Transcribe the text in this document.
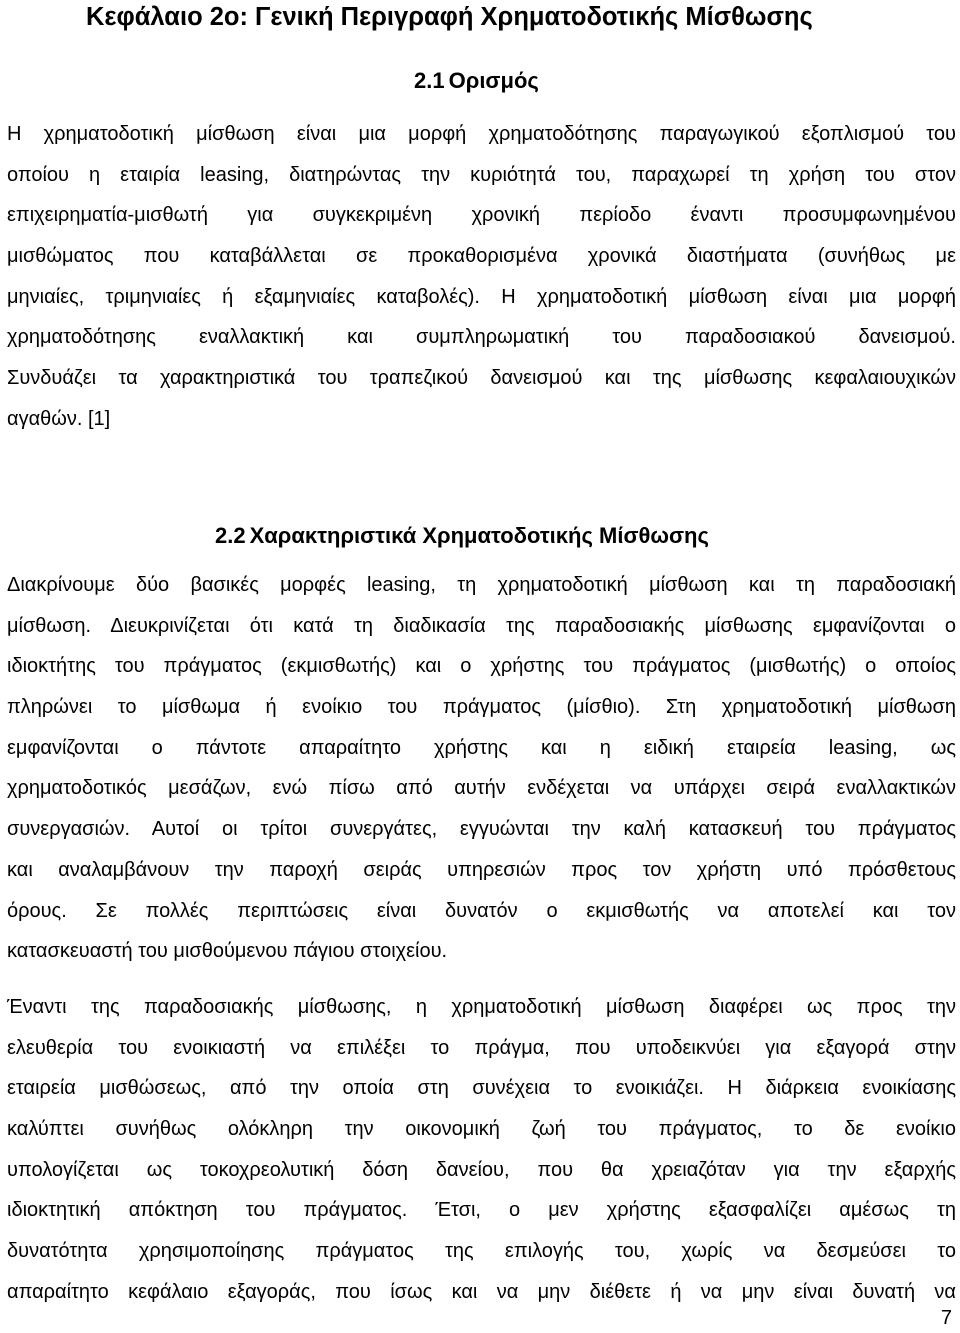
Κεφάλαιο 2ο: Γενική Περιγραφή Χρηματοδοτικής Μίσθωσης
2.1 Ορισμός
Η χρηματοδοτική μίσθωση είναι μια μορφή χρηματοδότησης παραγωγικού εξοπλισμού του
οποίου η εταιρία leasing, διατηρώντας την κυριότητά του, παραχωρεί τη χρήση του στον
επιχειρηματία-μισθωτή για συγκεκριμένη χρονική περίοδο έναντι προσυμφωνημένου
μισθώματος που καταβάλλεται σε προκαθορισμένα χρονικά διαστήματα (συνήθως με
μηνιαίες, τριμηνιαίες ή εξαμηνιαίες καταβολές). Η χρηματοδοτική μίσθωση είναι μια μορφή
χρηματοδότησης εναλλακτική και συμπληρωματική του παραδοσιακού δανεισμού.
Συνδυάζει τα χαρακτηριστικά του τραπεζικού δανεισμού και της μίσθωσης κεφαλαιουχικών
αγαθών. [1]
2.2 Χαρακτηριστικά Χρηματοδοτικής Μίσθωσης
Διακρίνουμε δύο βασικές μορφές leasing, τη χρηματοδοτική μίσθωση και τη παραδοσιακή
μίσθωση. Διευκρινίζεται ότι κατά τη διαδικασία της παραδοσιακής μίσθωσης εμφανίζονται ο
ιδιοκτήτης του πράγματος (εκμισθωτής) και ο χρήστης του πράγματος (μισθωτής) ο οποίος
πληρώνει το μίσθωμα ή ενοίκιο του πράγματος (μίσθιο). Στη χρηματοδοτική μίσθωση
εμφανίζονται ο πάντοτε απαραίτητο χρήστης και η ειδική εταιρεία leasing, ως
χρηματοδοτικός μεσάζων, ενώ πίσω από αυτήν ενδέχεται να υπάρχει σειρά εναλλακτικών
συνεργασιών. Αυτοί οι τρίτοι συνεργάτες, εγγυώνται την καλή κατασκευή του πράγματος
και αναλαμβάνουν την παροχή σειράς υπηρεσιών προς τον χρήστη υπό πρόσθετους
όρους. Σε πολλές περιπτώσεις είναι δυνατόν ο εκμισθωτής να αποτελεί και τον
κατασκευαστή του μισθούμενου πάγιου στοιχείου.
Έναντι της παραδοσιακής μίσθωσης, η χρηματοδοτική μίσθωση διαφέρει ως προς την
ελευθερία του ενοικιαστή να επιλέξει το πράγμα, που υποδεικνύει για εξαγορά στην
εταιρεία μισθώσεως, από την οποία στη συνέχεια το ενοικιάζει. Η διάρκεια ενοικίασης
καλύπτει συνήθως ολόκληρη την οικονομική ζωή του πράγματος, το δε ενοίκιο
υπολογίζεται ως τοκοχρεολυτική δόση δανείου, που θα χρειαζόταν για την εξαρχής
ιδιοκτητική απόκτηση του πράγματος. Έτσι, ο μεν χρήστης εξασφαλίζει αμέσως τη
δυνατότητα χρησιμοποίησης πράγματος της επιλογής του, χωρίς να δεσμεύσει το
απαραίτητο κεφάλαιο εξαγοράς, που ίσως και να μην διέθετε ή να μην είναι δυνατή να
7
